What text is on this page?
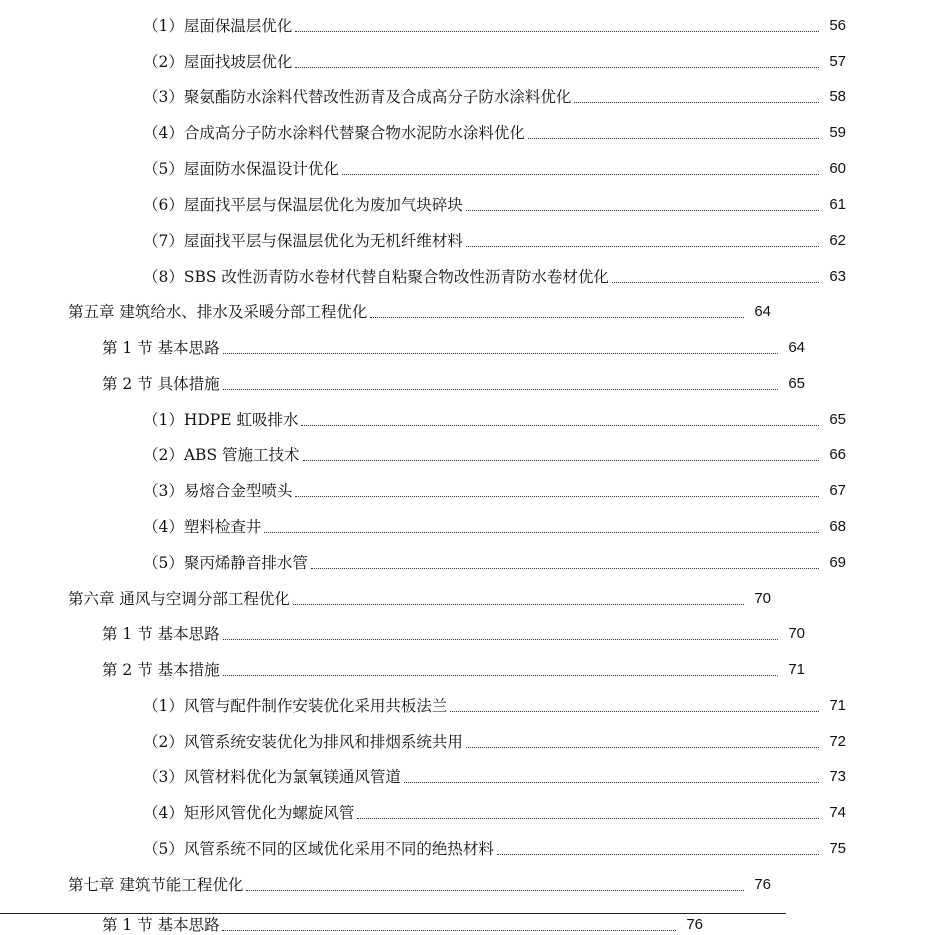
（1）屋面保温层优化	56
（2）屋面找坡层优化	57
（3）聚氨酯防水涂料代替改性沥青及合成高分子防水涂料优化	58
（4）合成高分子防水涂料代替聚合物水泥防水涂料优化	59
（5）屋面防水保温设计优化	60
（6）屋面找平层与保温层优化为废加气块碎块	61
（7）屋面找平层与保温层优化为无机纤维材料	62
（8）SBS 改性沥青防水卷材代替自粘聚合物改性沥青防水卷材优化	63
第五章 建筑给水、排水及采暖分部工程优化	64
第 1 节 基本思路	64
第 2 节 具体措施	65
（1）HDPE 虹吸排水	65
（2）ABS 管施工技术	66
（3）易熔合金型喷头	67
（4）塑料检查井	68
（5）聚丙烯静音排水管	69
第六章 通风与空调分部工程优化	70
第 1 节 基本思路	70
第 2 节 基本措施	71
（1）风管与配件制作安装优化采用共板法兰	71
（2）风管系统安装优化为排风和排烟系统共用	72
（3）风管材料优化为氯氧镁通风管道	73
（4）矩形风管优化为螺旋风管	74
（5）风管系统不同的区域优化采用不同的绝热材料	75
第七章 建筑节能工程优化	76
第 1 节 基本思路	76
